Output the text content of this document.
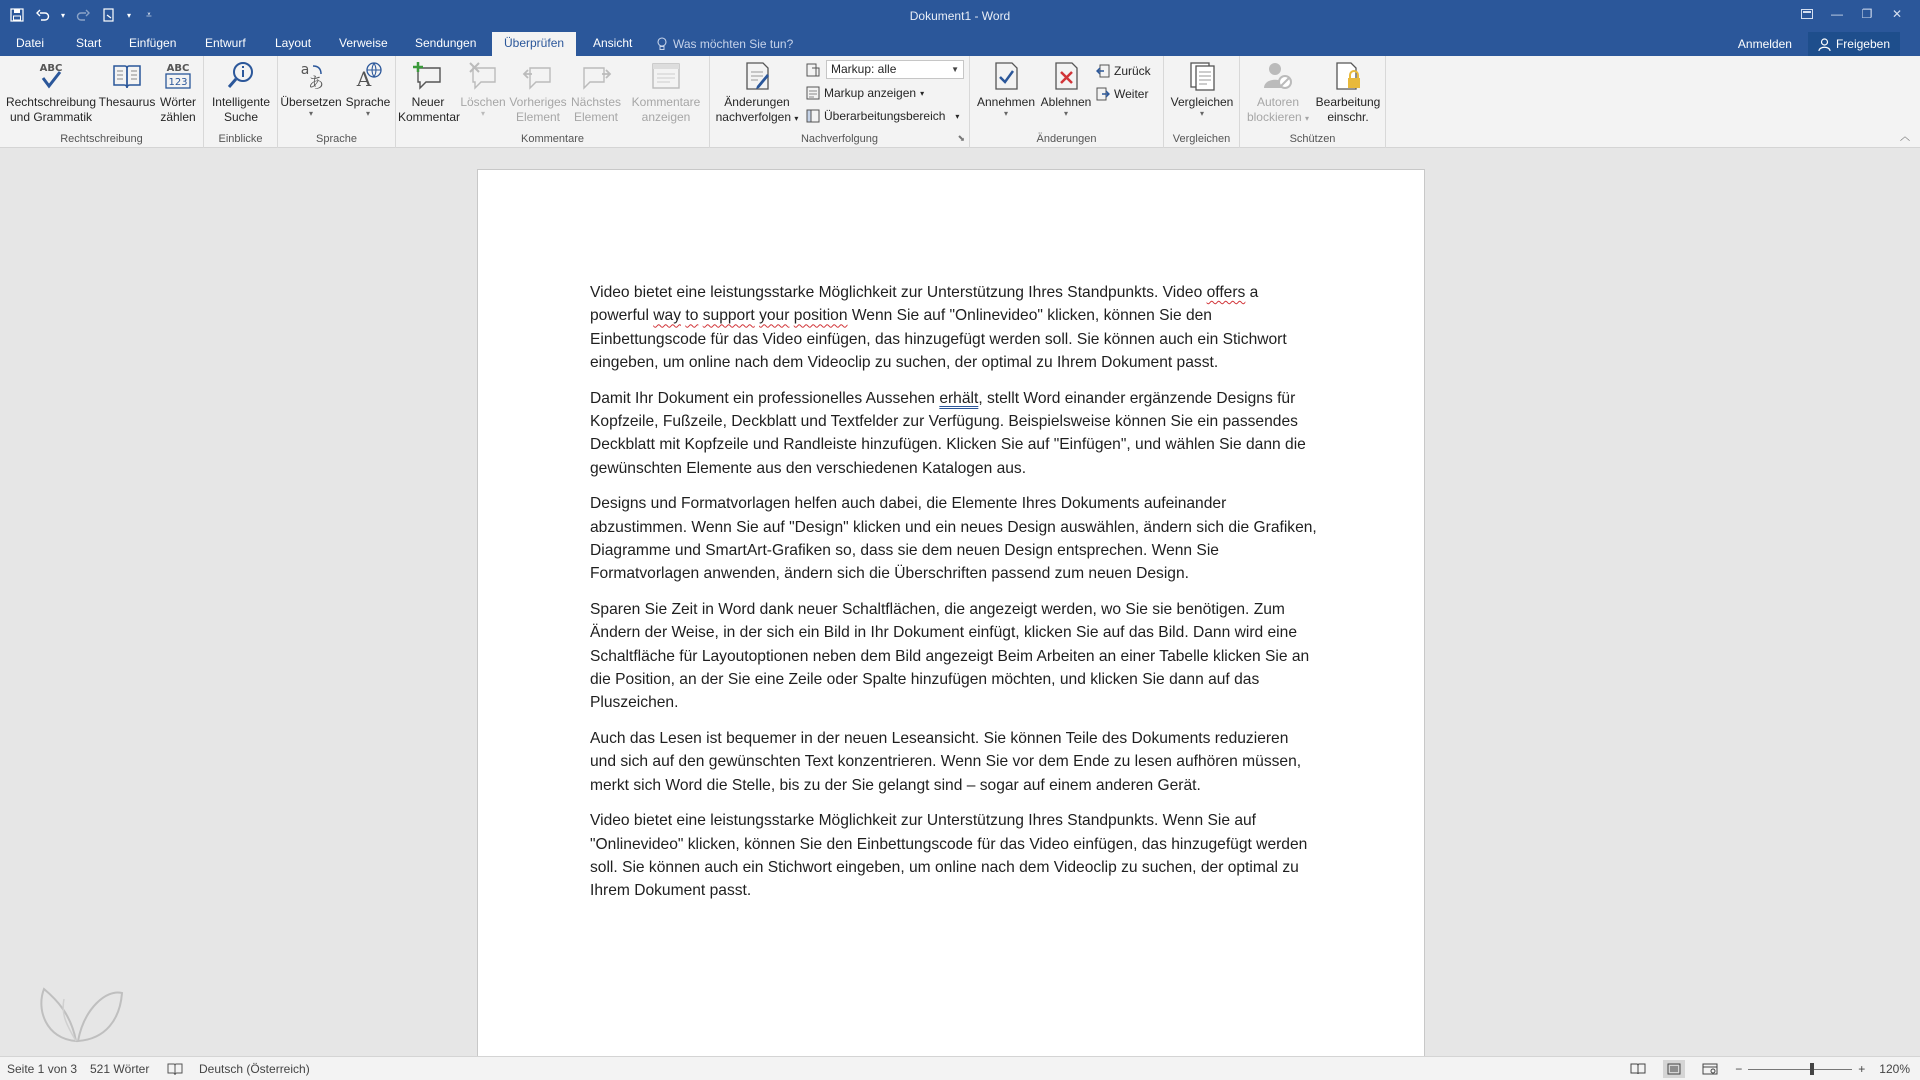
▾	▾	⩡	Dokument1 - Word	—	❐	✕
Datei	Start	Einfügen	Entwurf	Layout	Verweise	Sendungen	Überprüfen	Ansicht	Was möchten Sie tun?	Anmelden	Freigeben
ABC
Rechtschreibung
und Grammatik
Thesaurus
ABC
123
Wörter
zählen
Rechtschreibung
Intelligente
Suche
Einblicke
a
あ
Übersetzen
▾
A
Sprache
▾
Sprache
Neuer
Kommentar
Löschen
▾
Vorheriges
Element
Nächstes
Element
Kommentare
anzeigen
Kommentare
Änderungen
nachverfolgen ▾
Markup: alle	▼
Markup anzeigen ▾
Überarbeitungsbereich ▾
Nachverfolgung	⬊
Annehmen
▾
Ablehnen
▾
Zurück
Weiter
Änderungen
Vergleichen
▾
Vergleichen
Autoren
blockieren ▾
Bearbeitung
einschr.
Schützen	︿

Video bietet eine leistungsstarke Möglichkeit zur Unterstützung Ihres Standpunkts. Video offers a powerful way to support your position Wenn Sie auf "Onlinevideo" klicken, können Sie den Einbettungscode für das Video einfügen, das hinzugefügt werden soll. Sie können auch ein Stichwort eingeben, um online nach dem Videoclip zu suchen, der optimal zu Ihrem Dokument passt.

Damit Ihr Dokument ein professionelles Aussehen erhält, stellt Word einander ergänzende Designs für Kopfzeile, Fußzeile, Deckblatt und Textfelder zur Verfügung. Beispielsweise können Sie ein passendes Deckblatt mit Kopfzeile und Randleiste hinzufügen. Klicken Sie auf "Einfügen", und wählen Sie dann die gewünschten Elemente aus den verschiedenen Katalogen aus.

Designs und Formatvorlagen helfen auch dabei, die Elemente Ihres Dokuments aufeinander abzustimmen. Wenn Sie auf "Design" klicken und ein neues Design auswählen, ändern sich die Grafiken, Diagramme und SmartArt-Grafiken so, dass sie dem neuen Design entsprechen. Wenn Sie Formatvorlagen anwenden, ändern sich die Überschriften passend zum neuen Design.

Sparen Sie Zeit in Word dank neuer Schaltflächen, die angezeigt werden, wo Sie sie benötigen. Zum Ändern der Weise, in der sich ein Bild in Ihr Dokument einfügt, klicken Sie auf das Bild. Dann wird eine Schaltfläche für Layoutoptionen neben dem Bild angezeigt Beim Arbeiten an einer Tabelle klicken Sie an die Position, an der Sie eine Zeile oder Spalte hinzufügen möchten, und klicken Sie dann auf das Pluszeichen.

Auch das Lesen ist bequemer in der neuen Leseansicht. Sie können Teile des Dokuments reduzieren und sich auf den gewünschten Text konzentrieren. Wenn Sie vor dem Ende zu lesen aufhören müssen, merkt sich Word die Stelle, bis zu der Sie gelangt sind – sogar auf einem anderen Gerät.

Video bietet eine leistungsstarke Möglichkeit zur Unterstützung Ihres Standpunkts. Wenn Sie auf "Onlinevideo" klicken, können Sie den Einbettungscode für das Video einfügen, das hinzugefügt werden soll. Sie können auch ein Stichwort eingeben, um online nach dem Videoclip zu suchen, der optimal zu Ihrem Dokument passt.

Seite 1 von 3 521 Wörter	Deutsch (Österreich)	−	+ 120%
